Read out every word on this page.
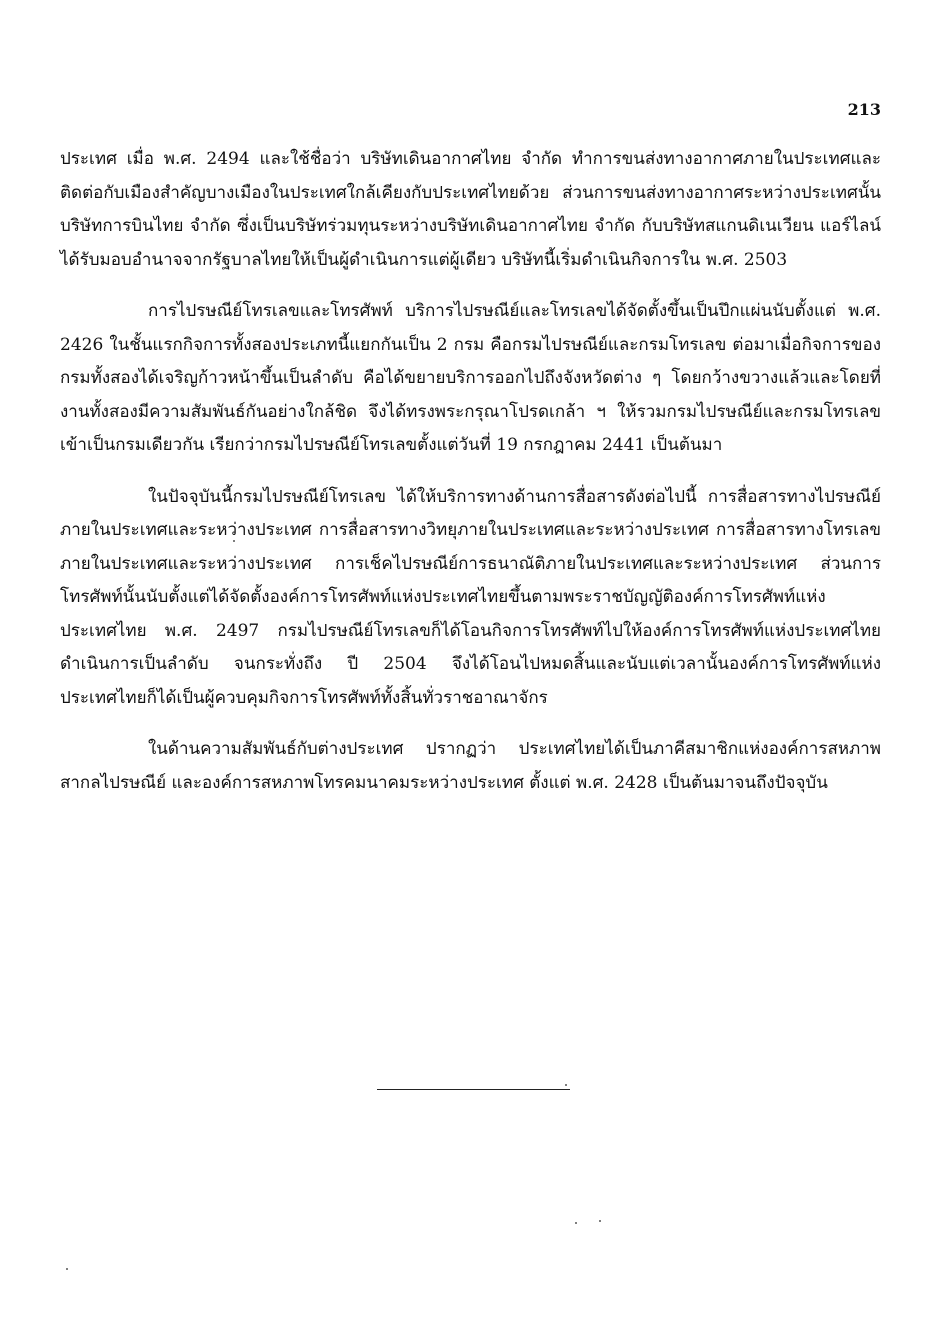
213

ประเทศ เมื่อ พ.ศ. 2494 และใช้ชื่อว่า บริษัทเดินอากาศไทย จำกัด ทำการขนส่งทางอากาศภายในประเทศและติดต่อกับเมืองสำคัญบางเมืองในประเทศใกล้เคียงกับประเทศไทยด้วย ส่วนการขนส่งทางอากาศระหว่างประเทศนั้น บริษัทการบินไทย จำกัด ซึ่งเป็นบริษัทร่วมทุนระหว่างบริษัทเดินอากาศไทย จำกัด กับบริษัทสแกนดิเนเวียน แอร์ไลน์ ได้รับมอบอำนาจจากรัฐบาลไทยให้เป็นผู้ดำเนินการแต่ผู้เดียว บริษัทนี้เริ่มดำเนินกิจการใน พ.ศ. 2503

การไปรษณีย์โทรเลขและโทรศัพท์ บริการไปรษณีย์และโทรเลขได้จัดตั้งขึ้นเป็นปึกแผ่นนับตั้งแต่ พ.ศ. 2426 ในชั้นแรกกิจการทั้งสองประเภทนี้แยกกันเป็น 2 กรม คือกรมไปรษณีย์และกรมโทรเลข ต่อมาเมื่อกิจการของกรมทั้งสองได้เจริญก้าวหน้าขึ้นเป็นลำดับ คือได้ขยายบริการออกไปถึงจังหวัดต่าง ๆ โดยกว้างขวางแล้วและโดยที่งานทั้งสองมีความสัมพันธ์กันอย่างใกล้ชิด จึงได้ทรงพระกรุณาโปรดเกล้า ฯ ให้รวมกรมไปรษณีย์และกรมโทรเลขเข้าเป็นกรมเดียวกัน เรียกว่ากรมไปรษณีย์โทรเลขตั้งแต่วันที่ 19 กรกฎาคม 2441 เป็นต้นมา

ในปัจจุบันนี้กรมไปรษณีย์โทรเลข ได้ให้บริการทางด้านการสื่อสารดังต่อไปนี้ การสื่อสารทางไปรษณีย์ภายในประเทศและระหว่างประเทศ การสื่อสารทางวิทยุภายในประเทศและระหว่างประเทศ การสื่อสารทางโทรเลขภายในประเทศและระหว่างประเทศ การเช็คไปรษณีย์การธนาณัติภายในประเทศและระหว่างประเทศ ส่วนการโทรศัพท์นั้นนับตั้งแต่ได้จัดตั้งองค์การโทรศัพท์แห่งประเทศไทยขึ้นตามพระราชบัญญัติองค์การโทรศัพท์แห่งประเทศไทย พ.ศ. 2497 กรมไปรษณีย์โทรเลขก็ได้โอนกิจการโทรศัพท์ไปให้องค์การโทรศัพท์แห่งประเทศไทยดำเนินการเป็นลำดับ จนกระทั่งถึง ปี 2504 จึงได้โอนไปหมดสิ้นและนับแต่เวลานั้นองค์การโทรศัพท์แห่งประเทศไทยก็ได้เป็นผู้ควบคุมกิจการโทรศัพท์ทั้งสิ้นทั่วราชอาณาจักร

ในด้านความสัมพันธ์กับต่างประเทศ ปรากฏว่า ประเทศไทยได้เป็นภาคีสมาชิกแห่งองค์การสหภาพสากลไปรษณีย์ และองค์การสหภาพโทรคมนาคมระหว่างประเทศ ตั้งแต่ พ.ศ. 2428 เป็นต้นมาจนถึงปัจจุบัน
